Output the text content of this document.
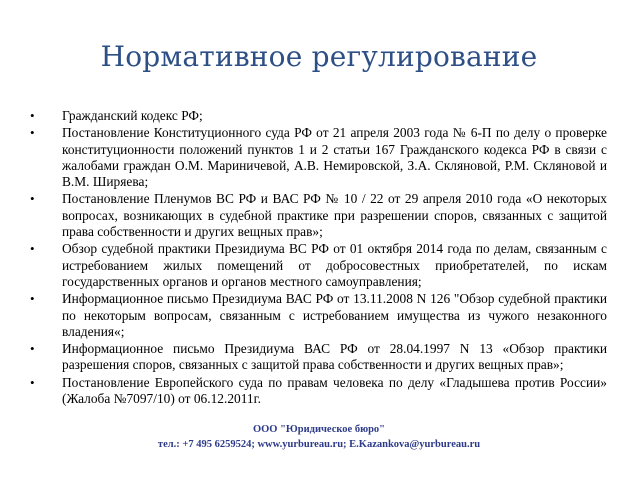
Нормативное регулирование
•	Гражданский кодекс РФ;
•	Постановление Конституционного суда РФ от 21 апреля 2003 года № 6-П по делу о проверке конституционности положений пунктов 1 и 2 статьи 167 Гражданского кодекса РФ в связи с жалобами граждан О.М. Мариничевой, А.В. Немировской, З.А. Скляновой, Р.М. Скляновой и В.М. Ширяева;
•	Постановление Пленумов ВС РФ и ВАС РФ № 10 / 22 от 29 апреля 2010 года «О некоторых вопросах, возникающих в судебной практике при разрешении споров, связанных с защитой права собственности и других вещных прав»;
•	Обзор судебной практики Президиума ВС РФ от 01 октября 2014 года по делам, связанным с истребованием жилых помещений от добросовестных приобретателей, по искам государственных органов и органов местного самоуправления;
•	Информационное письмо Президиума ВАС РФ от 13.11.2008 N 126 "Обзор судебной практики по некоторым вопросам, связанным с истребованием имущества из чужого незаконного владения«;
•	Информационное письмо Президиума ВАС РФ от 28.04.1997 N 13 «Обзор практики разрешения споров, связанных с защитой права собственности и других вещных прав»;
•	Постановление Европейского суда по правам человека по делу «Гладышева против России» (Жалоба №7097/10) от 06.12.2011г.
ООО "Юридическое бюро"
тел.: +7 495 6259524; www.yurbureau.ru; E.Kazankova@yurbureau.ru
